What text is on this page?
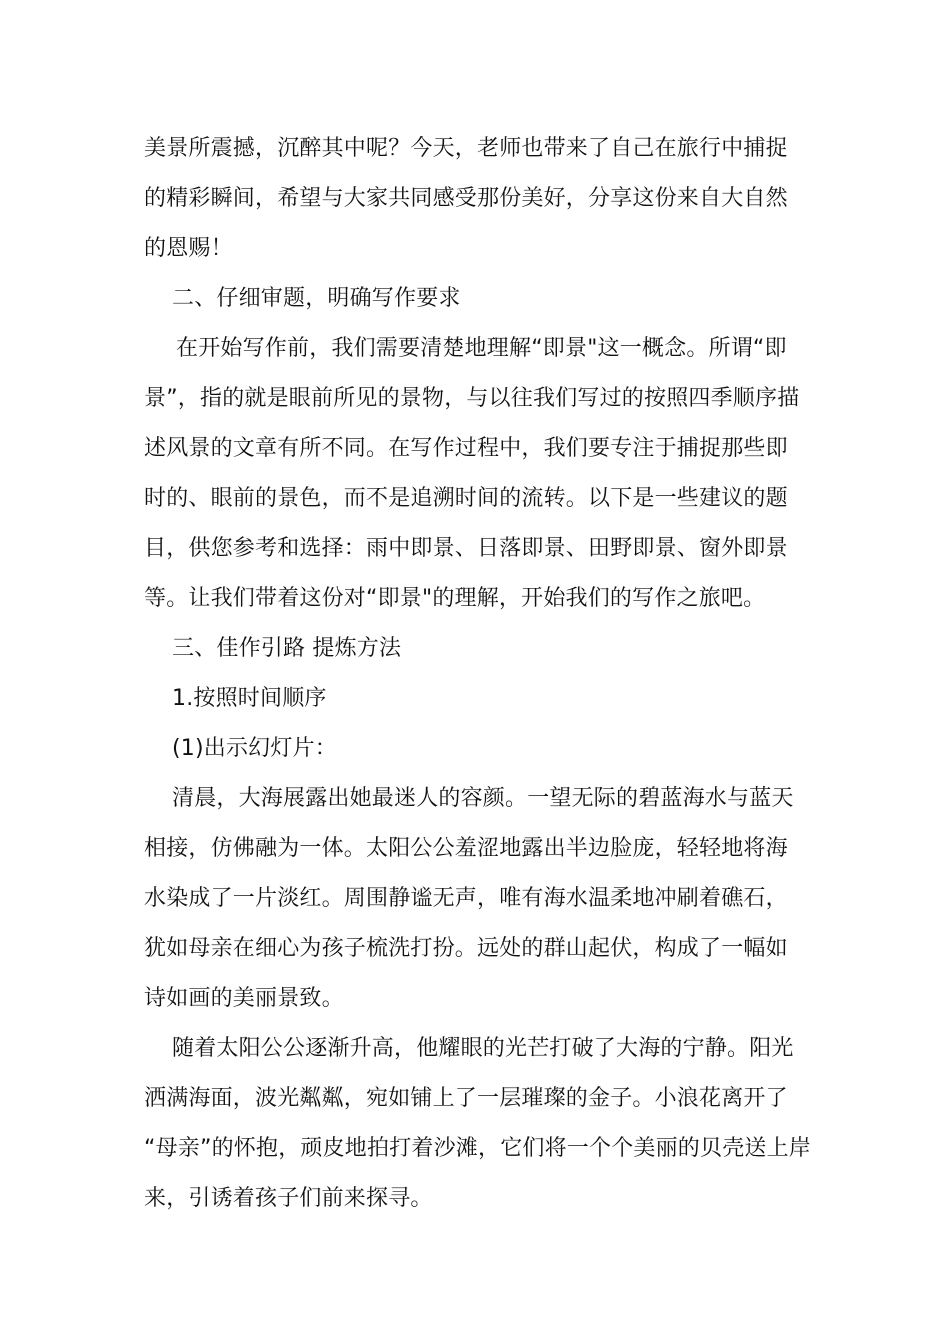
美景所震撼，沉醉其中呢？今天，老师也带来了自己在旅行中捕捉
的精彩瞬间，希望与大家共同感受那份美好，分享这份来自大自然
的恩赐！
二、仔细审题，明确写作要求
在开始写作前，我们需要清楚地理解“即景"这一概念。所谓“即
景”，指的就是眼前所见的景物，与以往我们写过的按照四季顺序描
述风景的文章有所不同。在写作过程中，我们要专注于捕捉那些即
时的、眼前的景色，而不是追溯时间的流转。以下是一些建议的题
目，供您参考和选择：雨中即景、日落即景、田野即景、窗外即景
等。让我们带着这份对“即景"的理解，开始我们的写作之旅吧。
三、佳作引路 提炼方法
1.按照时间顺序
(1)出示幻灯片：
清晨，大海展露出她最迷人的容颜。一望无际的碧蓝海水与蓝天
相接，仿佛融为一体。太阳公公羞涩地露出半边脸庞，轻轻地将海
水染成了一片淡红。周围静谧无声，唯有海水温柔地冲刷着礁石，
犹如母亲在细心为孩子梳洗打扮。远处的群山起伏，构成了一幅如
诗如画的美丽景致。
随着太阳公公逐渐升高，他耀眼的光芒打破了大海的宁静。阳光
洒满海面，波光粼粼，宛如铺上了一层璀璨的金子。小浪花离开了
“母亲”的怀抱，顽皮地拍打着沙滩，它们将一个个美丽的贝壳送上岸
来，引诱着孩子们前来探寻。
